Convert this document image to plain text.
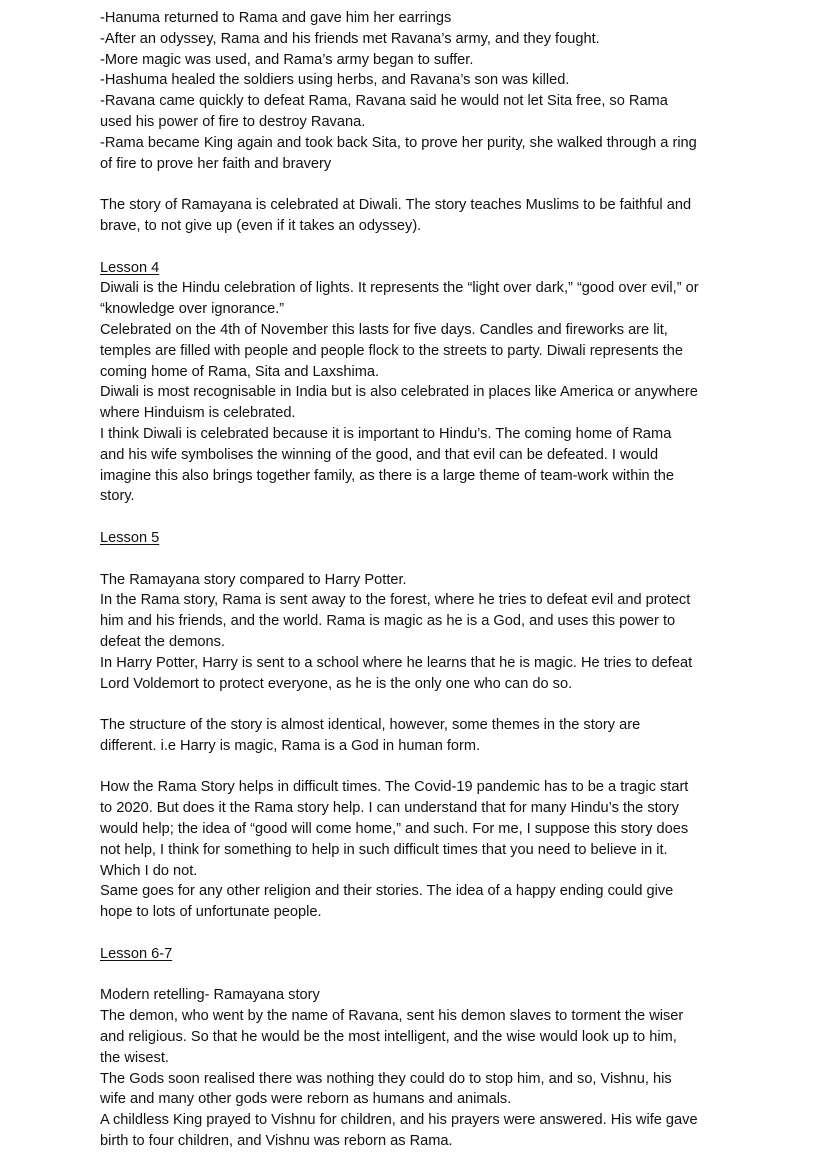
-Hanuma returned to Rama and gave him her earrings
-After an odyssey, Rama and his friends met Ravana’s army, and they fought.
-More magic was used, and Rama’s army began to suffer.
-Hashuma healed the soldiers using herbs, and Ravana’s son was killed.
-Ravana came quickly to defeat Rama, Ravana said he would not let Sita free, so Rama
used his power of fire to destroy Ravana.
-Rama became King again and took back Sita, to prove her purity, she walked through a ring
of fire to prove her faith and bravery
The story of Ramayana is celebrated at Diwali. The story teaches Muslims to be faithful and
brave, to not give up (even if it takes an odyssey).
Lesson 4
Diwali is the Hindu celebration of lights. It represents the “light over dark,” “good over evil,” or
“knowledge over ignorance.”
Celebrated on the 4th of November this lasts for five days. Candles and fireworks are lit,
temples are filled with people and people flock to the streets to party. Diwali represents the
coming home of Rama, Sita and Laxshima.
Diwali is most recognisable in India but is also celebrated in places like America or anywhere
where Hinduism is celebrated.
I think Diwali is celebrated because it is important to Hindu’s. The coming home of Rama
and his wife symbolises the winning of the good, and that evil can be defeated. I would
imagine this also brings together family, as there is a large theme of team-work within the
story.
Lesson 5
The Ramayana story compared to Harry Potter.
In the Rama story, Rama is sent away to the forest, where he tries to defeat evil and protect
him and his friends, and the world. Rama is magic as he is a God, and uses this power to
defeat the demons.
In Harry Potter, Harry is sent to a school where he learns that he is magic. He tries to defeat
Lord Voldemort to protect everyone, as he is the only one who can do so.
The structure of the story is almost identical, however, some themes in the story are
different. i.e Harry is magic, Rama is a God in human form.
How the Rama Story helps in difficult times. The Covid-19 pandemic has to be a tragic start
to 2020. But does it the Rama story help. I can understand that for many Hindu’s the story
would help; the idea of “good will come home,” and such. For me, I suppose this story does
not help, I think for something to help in such difficult times that you need to believe in it.
Which I do not.
Same goes for any other religion and their stories. The idea of a happy ending could give
hope to lots of unfortunate people.
Lesson 6-7
Modern retelling- Ramayana story
The demon, who went by the name of Ravana, sent his demon slaves to torment the wiser
and religious. So that he would be the most intelligent, and the wise would look up to him,
the wisest.
The Gods soon realised there was nothing they could do to stop him, and so, Vishnu, his
wife and many other gods were reborn as humans and animals.
A childless King prayed to Vishnu for children, and his prayers were answered. His wife gave
birth to four children, and Vishnu was reborn as Rama.
